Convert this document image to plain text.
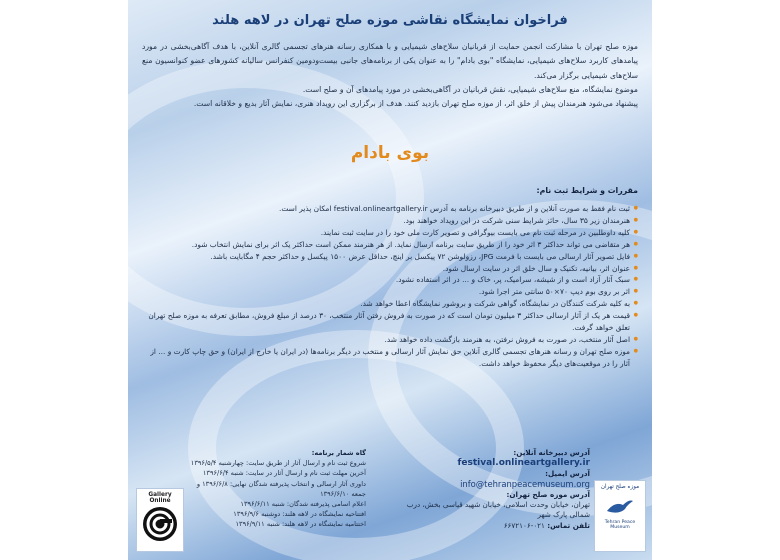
فراخوان نمایشگاه نقاشی موزه صلح تهران در لاهه هلند

موزه صلح تهران با مشارکت انجمن حمایت از قربانیان سلاح‌های شیمیایی و با همکاری رسانه هنرهای تجسمی گالری آنلاین، با هدف آگاهی‌بخشی در مورد پیامدهای کاربرد سلاح‌های شیمیایی، نمایشگاه "بوی بادام" را به عنوان یکی از برنامه‌های جانبی بیست‌ودومین کنفرانس سالیانه کشورهای عضو کنوانسیون منع سلاح‌های شیمیایی برگزار می‌کند.

موضوع نمایشگاه، منع سلاح‌های شیمیایی، نقش قربانیان در آگاهی‌بخشی در مورد پیامدهای آن و صلح است.

پیشنهاد می‌شود هنرمندان پیش از خلق اثر، از موزه صلح تهران بازدید کنند. هدف از برگزاری این رویداد هنری، نمایش آثار بدیع و خلاقانه است.

بوی بادام
مقررات و شرایط ثبت نام:
● ثبت نام فقط به صورت آنلاین و از طریق دبیرخانه برنامه به آدرس festival.onlineartgallery.ir امکان پذیر است.
● هنرمندان زیر ۳۵ سال، حائز شرایط سنی شرکت در این رویداد خواهند بود.
● کلیه داوطلبین در مرحله ثبت نام می بایست بیوگرافی و تصویر کارت ملی خود را در سایت ثبت نمایند.
● هر متقاضی می تواند حداکثر ۳ اثر خود را از طریق سایت برنامه ارسال نماید. از هر هنرمند ممکن است حداکثر یک اثر برای نمایش انتخاب شود.
● فایل تصویر آثار ارسالی می بایست با فرمت JPG، رزولوشن ۷۲ پیکسل بر اینچ، حداقل عرض ۱۵۰۰ پیکسل و حداکثر حجم ۴ مگابایت باشد.
● عنوان اثر، بیانیه، تکنیک و سال خلق اثر در سایت ارسال شود.
● سبک آثار آزاد است و از شیشه، سرامیک، پر، خاک و ... در اثر استفاده نشود.
● اثر بر روی بوم دیپ ۷۰×۵۰ سانتی متر اجرا شود.
● به کلیه شرکت کنندگان در نمایشگاه، گواهی شرکت و بروشور نمایشگاه اعطا خواهد شد.
● قیمت هر یک از آثار ارسالی حداکثر ۳ میلیون تومان است که در صورت به فروش رفتن آثار منتخب، ۳۰ درصد از مبلغ فروش، مطابق تعرفه به موزه صلح تهران تعلق خواهد گرفت.
● اصل آثار منتخب، در صورت به فروش نرفتن، به هنرمند بازگشت داده خواهد شد.
● موزه صلح تهران و رسانه هنرهای تجسمی گالری آنلاین حق نمایش آثار ارسالی و منتخب در دیگر برنامه‌ها (در ایران یا خارج از ایران) و حق چاپ کارت و ... از آثار را در موقعیت‌های دیگر محفوظ خواهد داشت.
آدرس دبیرخانه آنلاین:
festival.onlineartgallery.ir
آدرس ایمیل:
info@tehranpeacemuseum.org
آدرس موزه صلح تهران:
تهران، خیابان وحدت اسلامی، خیابان شهید قیاسی بخش، درب شمالی پارک شهر
تلفن تماس: ۰۲۱-۶۶۷۲۱۰۶
گاه شمار برنامه:
شروع ثبت نام و ارسال آثار از طریق سایت: چهارشنبه ۱۳۹۶/۵/۴
آخرین مهلت ثبت نام و ارسال آثار در سایت: شنبه ۱۳۹۶/۶/۴
داوری آثار ارسالی و انتخاب پذیرفته شدگان نهایی: ۱۳۹۶/۶/۸ و جمعه ۱۳۹۶/۶/۱۰
اعلام اسامی پذیرفته شدگان: شنبه ۱۳۹۶/۶/۱۱
افتتاحیه نمایشگاه در لاهه هلند: دوشنبه ۱۳۹۶/۹/۶
اختتامیه نمایشگاه در لاهه هلند: شنبه ۱۳۹۶/۹/۱۱
موزه صلح تهران
Tehran Peace Museum
Gallery Online
